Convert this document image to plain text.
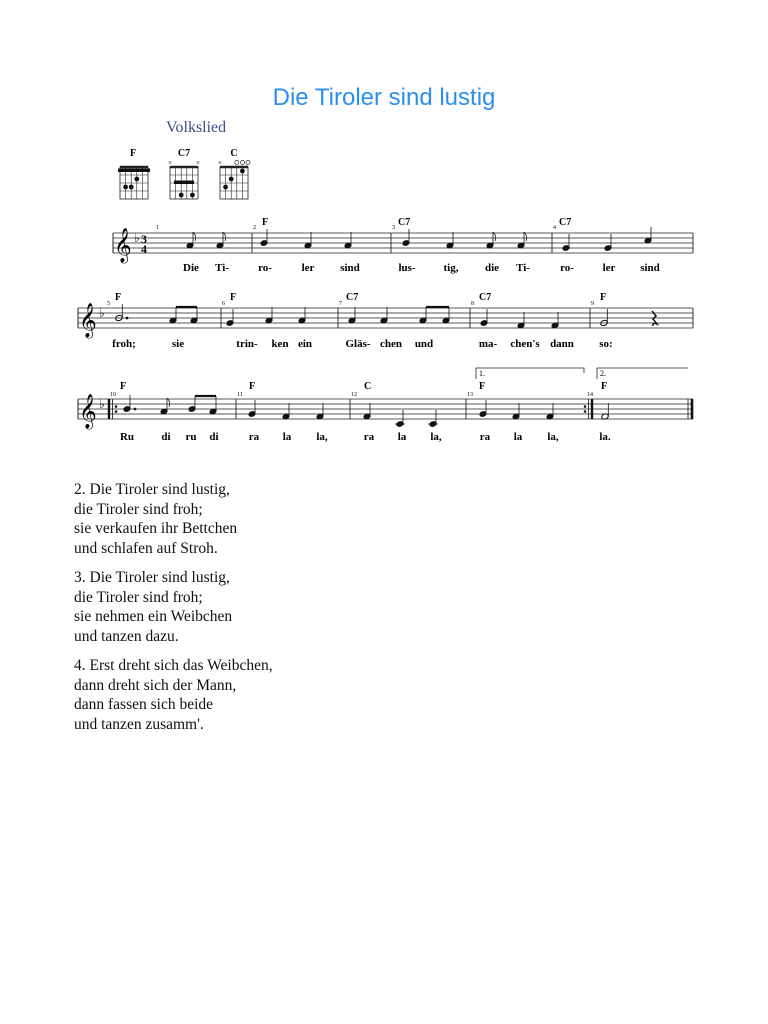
Die Tiroler sind lustig
Volkslied
F	C7
×	×
C
×
𝄞 ♭ 3
4
1	2	3	4
F	C7	C7
Die Ti-	ro-	ler sind	lus-	tig, die Ti-	ro-	ler sind
𝄞 ♭
5	6	7	8	9
F	F	C7	C7	F
froh;	sie	trin- ken ein	Gläs- chen und	ma- chen's dann so:
1.	2.
𝄞 ♭
10	11	12	13	14
F	F	C	F	F
Ru di ru di	ra la la,	ra la la,	ra la la,	la.
2. Die Tiroler sind lustig,
die Tiroler sind froh;
sie verkaufen ihr Bettchen
und schlafen auf Stroh.
3. Die Tiroler sind lustig,
die Tiroler sind froh;
sie nehmen ein Weibchen
und tanzen dazu.
4. Erst dreht sich das Weibchen,
dann dreht sich der Mann,
dann fassen sich beide
und tanzen zusamm'.
